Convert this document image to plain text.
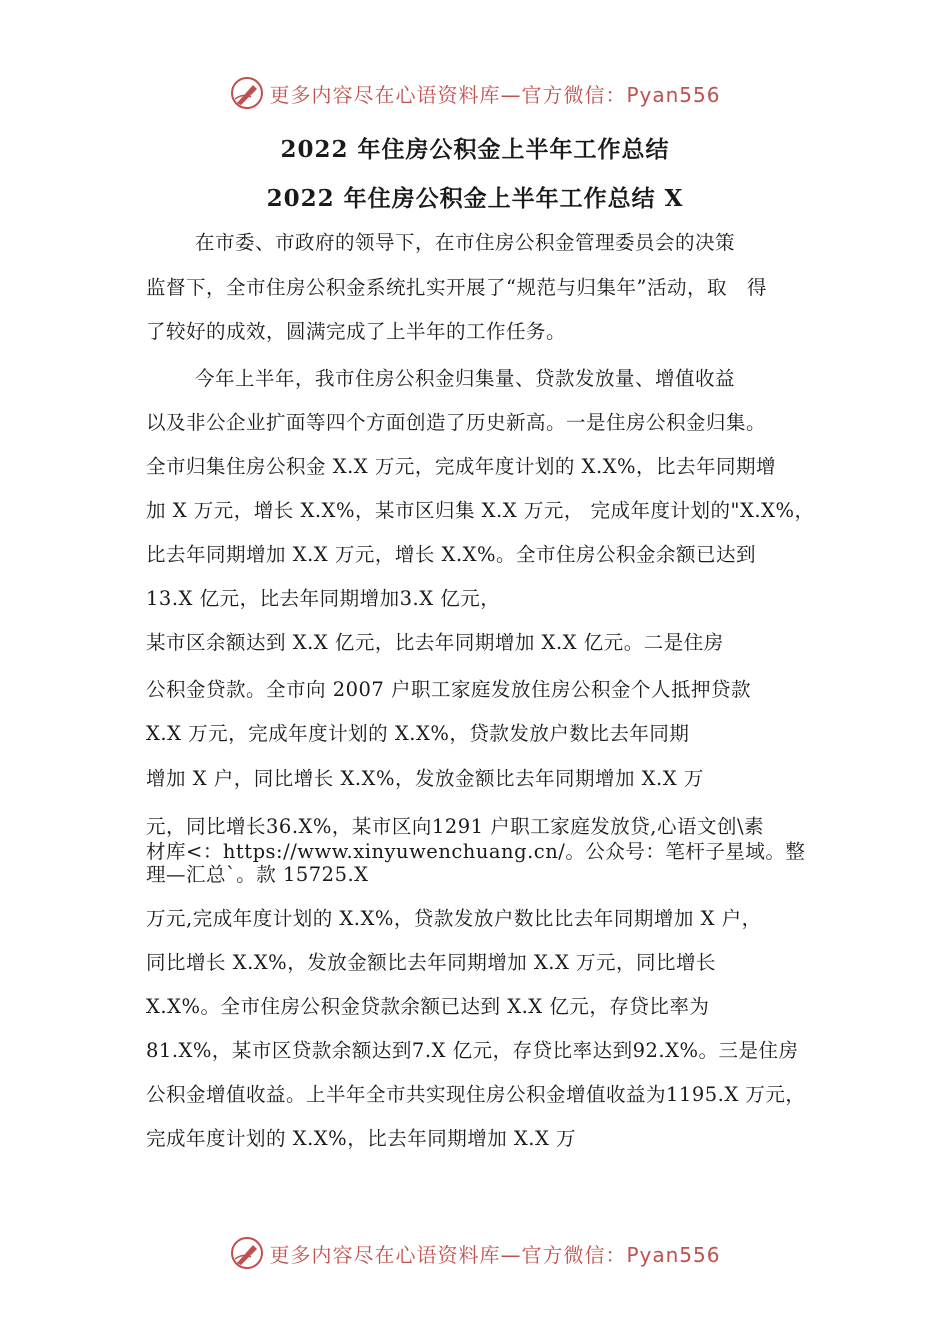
更多内容尽在心语资料库—官方微信：Pyan556
2022 年住房公积金上半年工作总结
2022 年住房公积金上半年工作总结 X
在市委、市政府的领导下，在市住房公积金管理委员会的决策
监督下，全市住房公积金系统扎实开展了“规范与归集年”活动，取　得
了较好的成效，圆满完成了上半年的工作任务。
今年上半年，我市住房公积金归集量、贷款发放量、增值收益
以及非公企业扩面等四个方面创造了历史新高。一是住房公积金归集。
全市归集住房公积金 X.X 万元，完成年度计划的 X.X%，比去年同期增
加 X 万元，增长 X.X%，某市区归集 X.X 万元， 完成年度计划的"X.X%，
比去年同期增加 X.X 万元，增长 X.X%。全市住房公积金余额已达到
13.X 亿元，比去年同期增加3.X 亿元，
某市区余额达到 X.X 亿元，比去年同期增加 X.X 亿元。二是住房
公积金贷款。全市向 2007 户职工家庭发放住房公积金个人抵押贷款
X.X 万元，完成年度计划的 X.X%，贷款发放户数比去年同期
增加 X 户，同比增长 X.X%，发放金额比去年同期增加 X.X 万
元，同比增长36.X%，某市区向1291 户职工家庭发放贷,心语文创\素
材库<：https://www.xinyuwenchuang.cn/。公众号：笔杆子星域。整
理—汇总`。款 15725.X
万元,完成年度计划的 X.X%，贷款发放户数比比去年同期增加 X 户，
同比增长 X.X%，发放金额比去年同期增加 X.X 万元，同比增长
X.X%。全市住房公积金贷款余额已达到 X.X 亿元，存贷比率为
81.X%，某市区贷款余额达到7.X 亿元，存贷比率达到92.X%。三是住房
公积金增值收益。上半年全市共实现住房公积金增值收益为1195.X 万元，
完成年度计划的 X.X%，比去年同期增加 X.X 万
更多内容尽在心语资料库—官方微信：Pyan556
